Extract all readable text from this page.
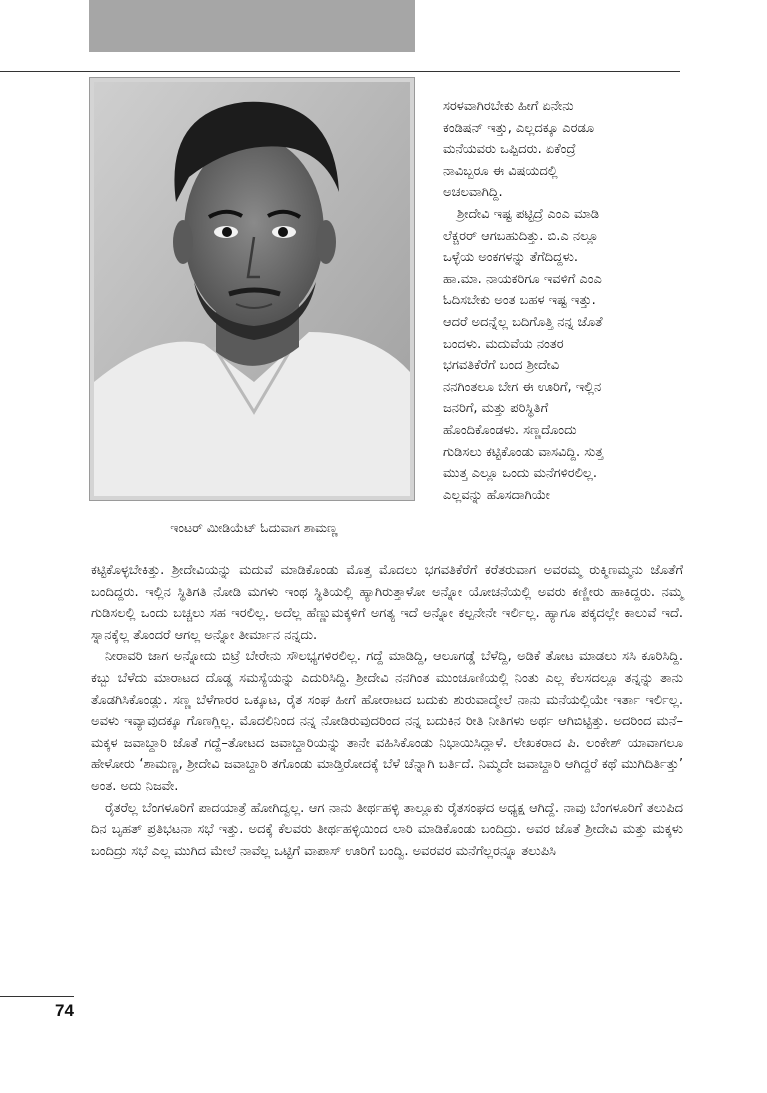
ಇಂಟರ್ ಮೀಡಿಯೆಟ್ ಓದುವಾಗ ಶಾಮಣ್ಣ

ಸರಳವಾಗಿರಬೇಕು ಹೀಗೆ ಏನೇನು

ಕಂಡಿಷನ್ ಇತ್ತು, ಎಲ್ಲದಕ್ಕೂ ಎರಡೂ

ಮನೆಯವರು ಒಪ್ಪಿದರು. ಏಕೆಂದ್ರೆ

ನಾವಿಬ್ಬರೂ ಈ ವಿಷಯದಲ್ಲಿ

ಅಚಲವಾಗಿದ್ದಿ.

ಶ್ರೀದೇವಿ ಇಷ್ಟ ಪಟ್ಟಿದ್ರೆ ಎಂಎ ಮಾಡಿ

ಲೆಕ್ಚರರ್ ಆಗಬಹುದಿತ್ತು. ಬಿ.ಎ ನಲ್ಲೂ

ಒಳ್ಳೆಯ ಅಂಕಗಳನ್ನು ತೆಗೆದಿದ್ದಳು.

ಹಾ.ಮಾ. ನಾಯಕರಿಗೂ ಇವಳಿಗೆ ಎಂಎ

ಓದಿಸಬೇಕು ಅಂತ ಬಹಳ ಇಷ್ಟ ಇತ್ತು.

ಆದರೆ ಅದನ್ನೆಲ್ಲ ಬದಿಗೊತ್ತಿ ನನ್ನ ಜೊತೆ

ಬಂದಳು. ಮದುವೆಯ ನಂತರ

ಭಗವತಿಕೆರೆಗೆ ಬಂದ ಶ್ರೀದೇವಿ

ನನಗಿಂತಲೂ ಬೇಗ ಈ ಊರಿಗೆ, ಇಲ್ಲಿನ

ಜನರಿಗೆ, ಮತ್ತು ಪರಿಸ್ಥಿತಿಗೆ

ಹೊಂದಿಕೊಂಡಳು. ಸಣ್ಣದೊಂದು

ಗುಡಿಸಲು ಕಟ್ಟಿಕೊಂಡು ವಾಸವಿದ್ದಿ. ಸುತ್ತ

ಮುತ್ತ ಎಲ್ಲೂ ಒಂದು ಮನೆಗಳಿರಲಿಲ್ಲ.

ಎಲ್ಲವನ್ನು ಹೊಸದಾಗಿಯೇ

ಕಟ್ಟಿಕೊಳ್ಳಬೇಕಿತ್ತು. ಶ್ರೀದೇವಿಯನ್ನು ಮದುವೆ ಮಾಡಿಕೊಂಡು ಮೊತ್ತ ಮೊದಲು ಭಗವತಿಕೆರೆಗೆ ಕರೆತರುವಾಗ ಅವರಮ್ಮ ರುಕ್ಮಿಣಮ್ಮನು ಜೊತೆಗೆ ಬಂದಿದ್ದರು. ಇಲ್ಲಿನ ಸ್ಥಿತಿಗತಿ ನೋಡಿ ಮಗಳು ಇಂಥ ಸ್ಥಿತಿಯಲ್ಲಿ ಹ್ಯಾಗಿರುತ್ತಾಳೋ ಅನ್ನೋ ಯೋಚನೆಯಲ್ಲಿ ಅವರು ಕಣ್ಣೀರು ಹಾಕಿದ್ದರು. ನಮ್ಮ ಗುಡಿಸಲಲ್ಲಿ ಒಂದು ಬಚ್ಚಲು ಸಹ ಇರಲಿಲ್ಲ. ಅದೆಲ್ಲ ಹೆಣ್ಣುಮಕ್ಕಳಿಗೆ ಅಗತ್ಯ ಇದೆ ಅನ್ನೋ ಕಲ್ಪನೇನೇ ಇರ್ಲಿಲ್ಲ. ಹ್ಯಾಗೂ ಪಕ್ಕದಲ್ಲೇ ಕಾಲುವೆ ಇದೆ. ಸ್ನಾನಕ್ಕೆಲ್ಲ ತೊಂದರೆ ಆಗಲ್ಲ ಅನ್ನೋ ತೀರ್ಮಾನ ನನ್ನದು.

ನೀರಾವರಿ ಜಾಗ ಅನ್ನೋದು ಬಿಟ್ರೆ ಬೇರೇನು ಸೌಲಭ್ಯಗಳಿರಲಿಲ್ಲ. ಗದ್ದೆ ಮಾಡಿದ್ದಿ, ಆಲೂಗಡ್ಡೆ ಬೆಳೆದ್ದಿ, ಅಡಿಕೆ ತೋಟ ಮಾಡಲು ಸಸಿ ಕೂರಿಸಿದ್ದಿ. ಕಬ್ಬು ಬೆಳೆದು ಮಾರಾಟದ ದೊಡ್ಡ ಸಮಸ್ಯೆಯನ್ನು ಎದುರಿಸಿದ್ದಿ. ಶ್ರೀದೇವಿ ನನಗಿಂತ ಮುಂಚೂಣಿಯಲ್ಲಿ ನಿಂತು ಎಲ್ಲ ಕೆಲಸದಲ್ಲೂ ತನ್ನನ್ನು ತಾನು ತೊಡಗಿಸಿಕೊಂಡ್ಲು. ಸಣ್ಣ ಬೆಳೆಗಾರರ ಒಕ್ಕೂಟ, ರೈತ ಸಂಘ ಹೀಗೆ ಹೋರಾಟದ ಬದುಕು ಶುರುವಾದ್ಮೇಲೆ ನಾನು ಮನೆಯಲ್ಲಿಯೇ ಇರ್ತಾ ಇರ್ಲಿಲ್ಲ. ಅವಳು ಇವ್ಯಾವುದಕ್ಕೂ ಗೊಣಗ್ಲಿಲ್ಲ. ಮೊದಲಿನಿಂದ ನನ್ನ ನೋಡಿರುವುದರಿಂದ ನನ್ನ ಬದುಕಿನ ರೀತಿ ನೀತಿಗಳು ಅರ್ಥ ಆಗಿಬಿಟ್ಟಿತ್ತು. ಅದರಿಂದ ಮನೆ–ಮಕ್ಕಳ ಜವಾಬ್ದಾರಿ ಜೊತೆ ಗದ್ದೆ–ತೋಟದ ಜವಾಬ್ದಾರಿಯನ್ನು ತಾನೇ ವಹಿಸಿಕೊಂಡು ನಿಭಾಯಿಸಿದ್ಲಾಳೆ. ಲೇಖಕರಾದ ಪಿ. ಲಂಕೇಶ್ ಯಾವಾಗಲೂ ಹೇಳೋರು ‘ಶಾಮಣ್ಣ, ಶ್ರೀದೇವಿ ಜವಾಬ್ದಾರಿ ತಗೊಂಡು ಮಾಡ್ತಿರೋದಕ್ಕೆ ಬೆಳೆ ಚೆನ್ನಾಗಿ ಬರ್ತಿದೆ. ನಿಮ್ಮದೇ ಜವಾಬ್ದಾರಿ ಆಗಿದ್ದರೆ ಕಥೆ ಮುಗಿದಿರ್ತಿತ್ತು’ ಅಂತ. ಅದು ನಿಜವೇ.

ರೈತರೆಲ್ಲ ಬೆಂಗಳೂರಿಗೆ ಪಾದಯಾತ್ರೆ ಹೋಗಿದ್ವಲ್ಲ. ಆಗ ನಾನು ತೀರ್ಥಹಳ್ಳಿ ತಾಲ್ಲೂಕು ರೈತಸಂಘದ ಅಧ್ಯಕ್ಷ ಆಗಿದ್ದೆ. ನಾವು ಬೆಂಗಳೂರಿಗೆ ತಲುಪಿದ ದಿನ ಬೃಹತ್ ಪ್ರತಿಭಟನಾ ಸಭೆ ಇತ್ತು. ಅದಕ್ಕೆ ಕೆಲವರು ತೀರ್ಥಹಳ್ಳಿಯಿಂದ ಲಾರಿ ಮಾಡಿಕೊಂಡು ಬಂದಿದ್ರು. ಅವರ ಜೊತೆ ಶ್ರೀದೇವಿ ಮತ್ತು ಮಕ್ಕಳು ಬಂದಿದ್ರು ಸಭೆ ಎಲ್ಲ ಮುಗಿದ ಮೇಲೆ ನಾವೆಲ್ಲ ಒಟ್ಟಿಗೆ ವಾಪಾಸ್ ಊರಿಗೆ ಬಂದ್ವಿ. ಅವರವರ ಮನೆಗೆಲ್ಲರನ್ನೂ ತಲುಪಿಸಿ

74
